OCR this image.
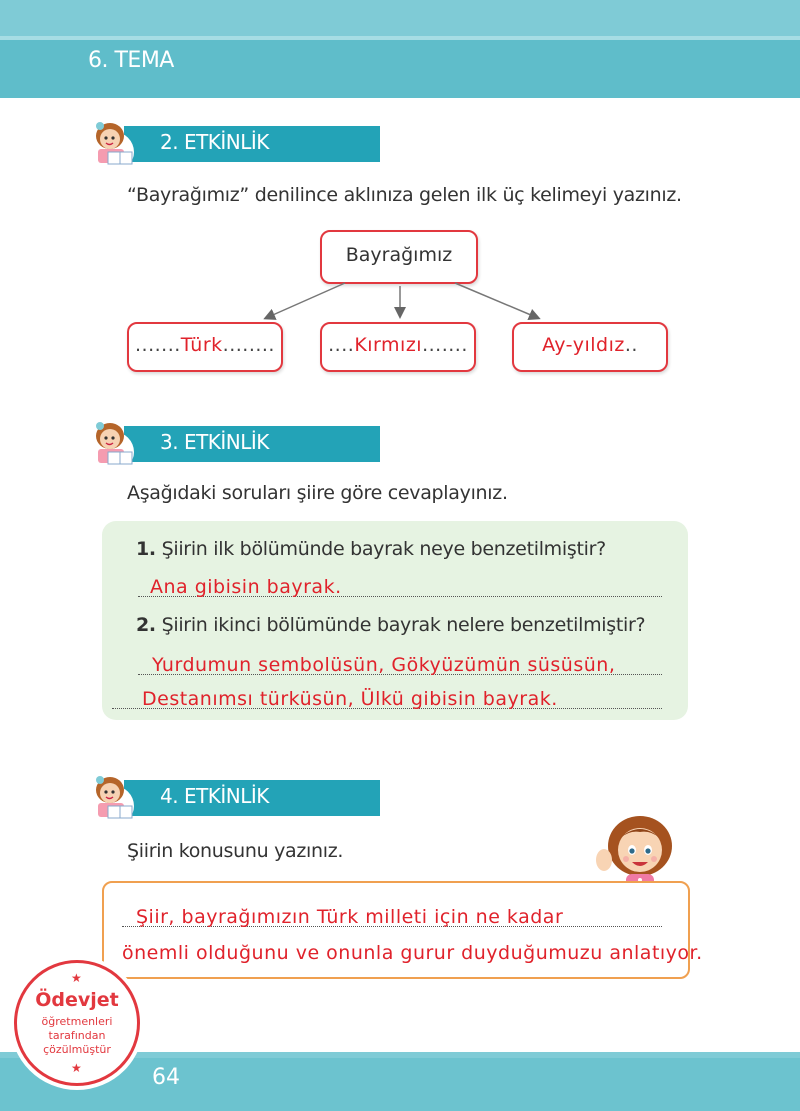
6. TEMA
2. ETKİNLİK
“Bayrağımız” denilince aklınıza gelen ilk üç kelimeyi yazınız.
Bayrağımız
.......Türk........	....Kırmızı.......	Ay-yıldız..
3. ETKİNLİK
Aşağıdaki soruları şiire göre cevaplayınız.
1. Şiirin ilk bölümünde bayrak neye benzetilmiştir?
Ana gibisin bayrak.
2. Şiirin ikinci bölümünde bayrak nelere benzetilmiştir?
Yurdumun sembolüsün, Gökyüzümün süsüsün,
Destanımsı türküsün, Ülkü gibisin bayrak.
4. ETKİNLİK
Şiirin konusunu yazınız.
Şiir, bayrağımızın Türk milleti için ne kadar
önemli olduğunu ve onunla gurur duyduğumuzu anlatıyor.
64
★
Ödevjet
öğretmenleri
tarafından
çözülmüştür
★
